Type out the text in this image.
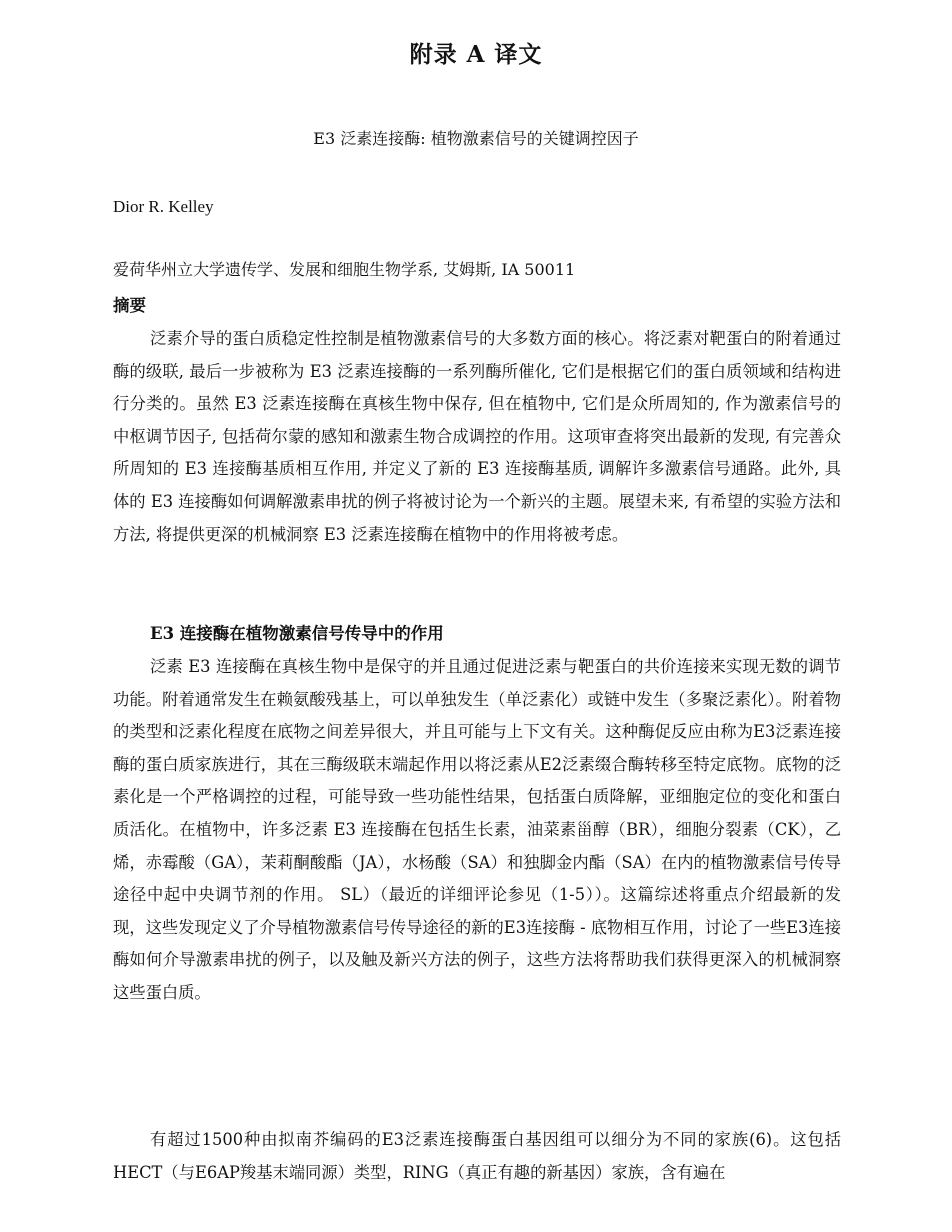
附录 A 译文
E3 泛素连接酶: 植物激素信号的关键调控因子
Dior R. Kelley
爱荷华州立大学遗传学、发展和细胞生物学系, 艾姆斯, IA 50011
摘要

泛素介导的蛋白质稳定性控制是植物激素信号的大多数方面的核心。将泛素对靶蛋白的附着通过酶的级联, 最后一步被称为 E3 泛素连接酶的一系列酶所催化, 它们是根据它们的蛋白质领域和结构进行分类的。虽然 E3 泛素连接酶在真核生物中保存, 但在植物中, 它们是众所周知的, 作为激素信号的中枢调节因子, 包括荷尔蒙的感知和激素生物合成调控的作用。这项审查将突出最新的发现, 有完善众所周知的 E3 连接酶基质相互作用, 并定义了新的 E3 连接酶基质, 调解许多激素信号通路。此外, 具体的 E3 连接酶如何调解激素串扰的例子将被讨论为一个新兴的主题。展望未来, 有希望的实验方法和方法, 将提供更深的机械洞察 E3 泛素连接酶在植物中的作用将被考虑。

E3 连接酶在植物激素信号传导中的作用

泛素 E3 连接酶在真核生物中是保守的并且通过促进泛素与靶蛋白的共价连接来实现无数的调节功能。附着通常发生在赖氨酸残基上，可以单独发生（单泛素化）或链中发生（多聚泛素化）。附着物的类型和泛素化程度在底物之间差异很大，并且可能与上下文有关。这种酶促反应由称为E3泛素连接酶的蛋白质家族进行，其在三酶级联末端起作用以将泛素从E2泛素缀合酶转移至特定底物。底物的泛素化是一个严格调控的过程，可能导致一些功能性结果，包括蛋白质降解，亚细胞定位的变化和蛋白质活化。在植物中，许多泛素 E3 连接酶在包括生长素，油菜素甾醇（BR），细胞分裂素（CK），乙烯，赤霉酸（GA），茉莉酮酸酯（JA），水杨酸（SA）和独脚金内酯（SA）在内的植物激素信号传导途径中起中央调节剂的作用。 SL）（最近的详细评论参见（1-5））。这篇综述将重点介绍最新的发现，这些发现定义了介导植物激素信号传导途径的新的E3连接酶 - 底物相互作用，讨论了一些E3连接酶如何介导激素串扰的例子，以及触及新兴方法的例子，这些方法将帮助我们获得更深入的机械洞察这些蛋白质。

有超过1500种由拟南芥编码的E3泛素连接酶蛋白基因组可以细分为不同的家族(6)。这包括HECT（与E6AP羧基末端同源）类型，RING（真正有趣的新基因）家族，含有遍在
